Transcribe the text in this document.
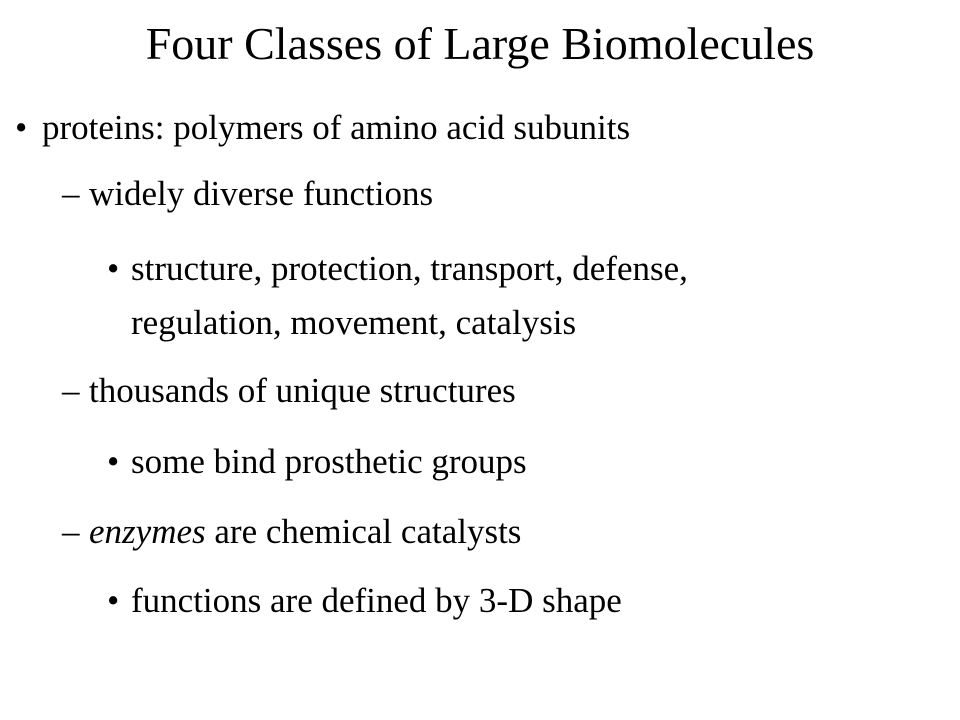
Four Classes of Large Biomolecules
• proteins: polymers of amino acid subunits
– widely diverse functions
• structure, protection, transport, defense,
regulation, movement, catalysis
– thousands of unique structures
• some bind prosthetic groups
– enzymes are chemical catalysts
• functions are defined by 3-D shape
